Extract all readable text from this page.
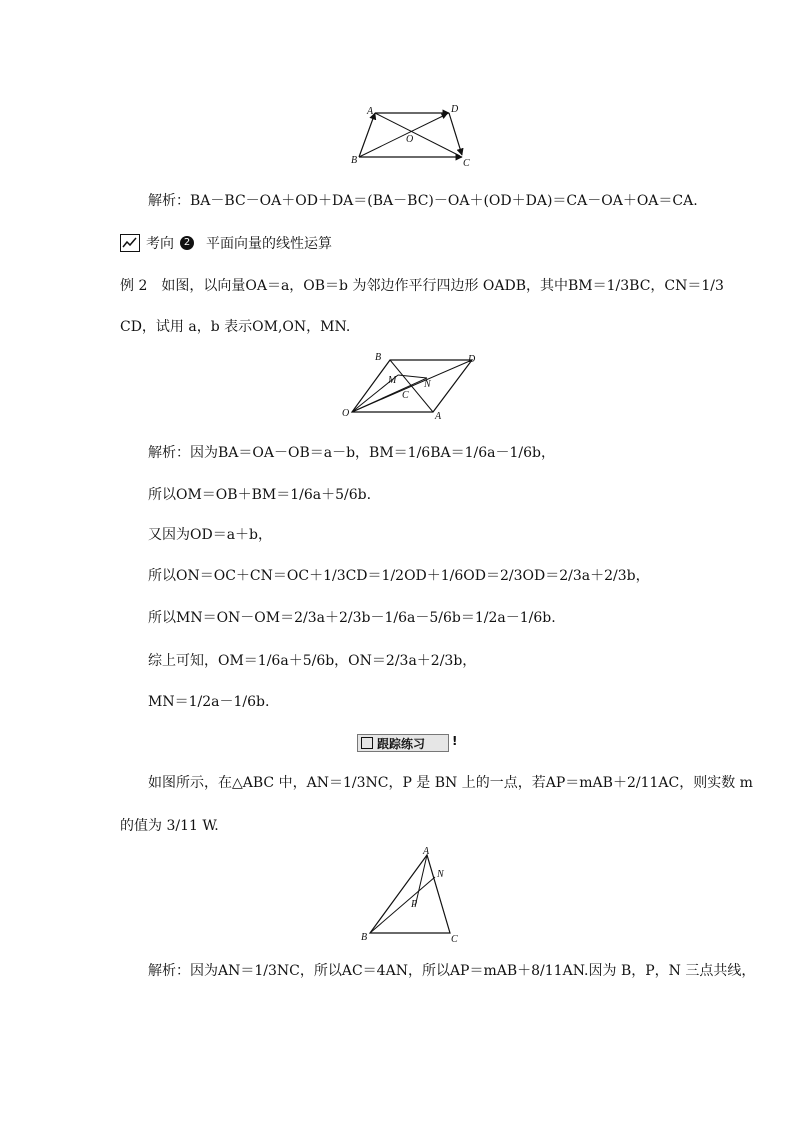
A	D
B	C
O
解析：BA－BC－OA＋OD＋DA＝(BA－BC)－OA＋(OD＋DA)＝CA－OA＋OA＝CA.
考向 2 平面向量的线性运算
例 2　如图，以向量OA＝a，OB＝b 为邻边作平行四边形 OADB，其中BM＝1/3BC，CN＝1/3
CD，试用 a，b 表示OM,ON，MN.
B	D
M	N
C
O	A
解析：因为BA＝OA－OB＝a－b，BM＝1/6BA＝1/6a－1/6b，
所以OM＝OB＋BM＝1/6a＋5/6b.
又因为OD＝a＋b，
所以ON＝OC＋CN＝OC＋1/3CD＝1/2OD＋1/6OD＝2/3OD＝2/3a＋2/3b，
所以MN＝ON－OM＝2/3a＋2/3b－1/6a－5/6b＝1/2a－1/6b.
综上可知，OM＝1/6a＋5/6b，ON＝2/3a＋2/3b，
MN＝1/2a－1/6b.
跟踪练习 !
如图所示，在△ABC 中，AN＝1/3NC，P 是 BN 上的一点，若AP＝mAB＋2/11AC，则实数 m
的值为 3/11 W.
A
N
P
B	C
解析：因为AN＝1/3NC，所以AC＝4AN，所以AP＝mAB＋8/11AN.因为 B，P，N 三点共线，
